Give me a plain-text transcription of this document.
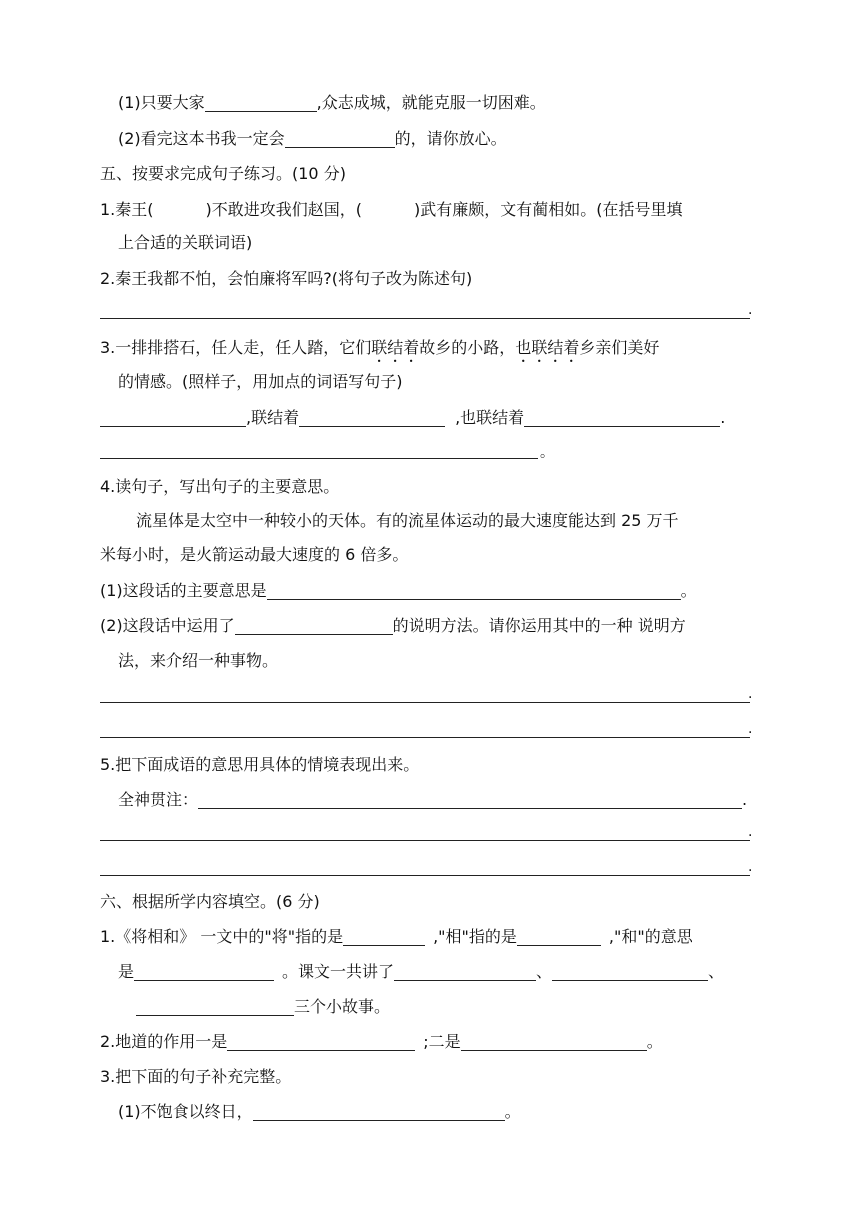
(1)只要大家	,众志成城，就能克服一切困难。
(2)看完这本书我一定会	的，请你放心。
五、按要求完成句子练习。(10 分)
1.秦王(	)不敢进攻我们赵国，(	)武有廉颇，文有蔺相如。(在括号里填
上合适的关联词语)
2.秦王我都不怕，会怕廉将军吗?(将句子改为陈述句)
.
3.一排排搭石，任人走，任人踏，它们联结着故乡的小路，也联结着乡亲们美好
的情感。(照样子，用加点的词语写句子)
,联结着	,也联结着	.
。
4.读句子，写出句子的主要意思。
流星体是太空中一种较小的天体。有的流星体运动的最大速度能达到 25 万千
米每小时，是火箭运动最大速度的 6 倍多。
(1)这段话的主要意思是	。
(2)这段话中运用了	的说明方法。请你运用其中的一种 说明方
法，来介绍一种事物。
.
.
5.把下面成语的意思用具体的情境表现出来。
全神贯注：	.
.
.
六、根据所学内容填空。(6 分)
1.《将相和》 一文中的"将"指的是	,"相"指的是	,"和"的意思
是	。课文一共讲了	、	、
三个小故事。
2.地道的作用一是	;二是	。
3.把下面的句子补充完整。
(1)不饱食以终日，	。
